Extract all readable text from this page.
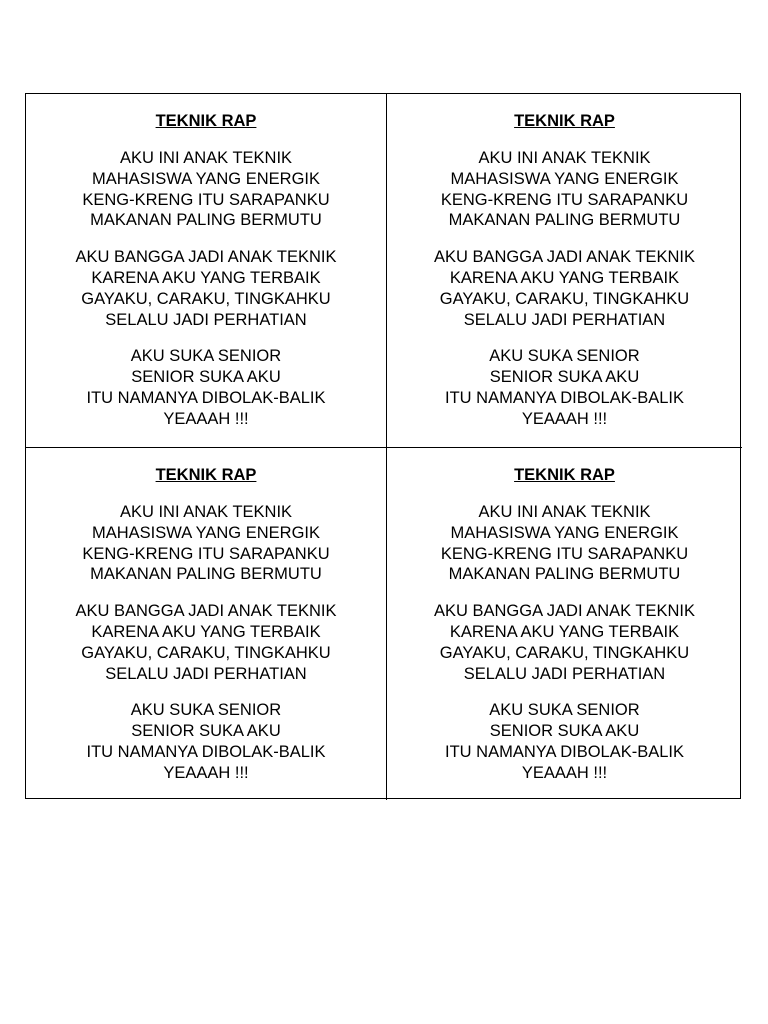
TEKNIK RAP
AKU INI ANAK TEKNIK
MAHASISWA YANG ENERGIK
KENG-KRENG ITU SARAPANKU
MAKANAN PALING BERMUTU
AKU BANGGA JADI ANAK TEKNIK
KARENA AKU YANG TERBAIK
GAYAKU, CARAKU, TINGKAHKU
SELALU JADI PERHATIAN
AKU SUKA SENIOR
SENIOR SUKA AKU
ITU NAMANYA DIBOLAK-BALIK
YEAAAH !!!
TEKNIK RAP
AKU INI ANAK TEKNIK
MAHASISWA YANG ENERGIK
KENG-KRENG ITU SARAPANKU
MAKANAN PALING BERMUTU
AKU BANGGA JADI ANAK TEKNIK
KARENA AKU YANG TERBAIK
GAYAKU, CARAKU, TINGKAHKU
SELALU JADI PERHATIAN
AKU SUKA SENIOR
SENIOR SUKA AKU
ITU NAMANYA DIBOLAK-BALIK
YEAAAH !!!
TEKNIK RAP
AKU INI ANAK TEKNIK
MAHASISWA YANG ENERGIK
KENG-KRENG ITU SARAPANKU
MAKANAN PALING BERMUTU
AKU BANGGA JADI ANAK TEKNIK
KARENA AKU YANG TERBAIK
GAYAKU, CARAKU, TINGKAHKU
SELALU JADI PERHATIAN
AKU SUKA SENIOR
SENIOR SUKA AKU
ITU NAMANYA DIBOLAK-BALIK
YEAAAH !!!
TEKNIK RAP
AKU INI ANAK TEKNIK
MAHASISWA YANG ENERGIK
KENG-KRENG ITU SARAPANKU
MAKANAN PALING BERMUTU
AKU BANGGA JADI ANAK TEKNIK
KARENA AKU YANG TERBAIK
GAYAKU, CARAKU, TINGKAHKU
SELALU JADI PERHATIAN
AKU SUKA SENIOR
SENIOR SUKA AKU
ITU NAMANYA DIBOLAK-BALIK
YEAAAH !!!
